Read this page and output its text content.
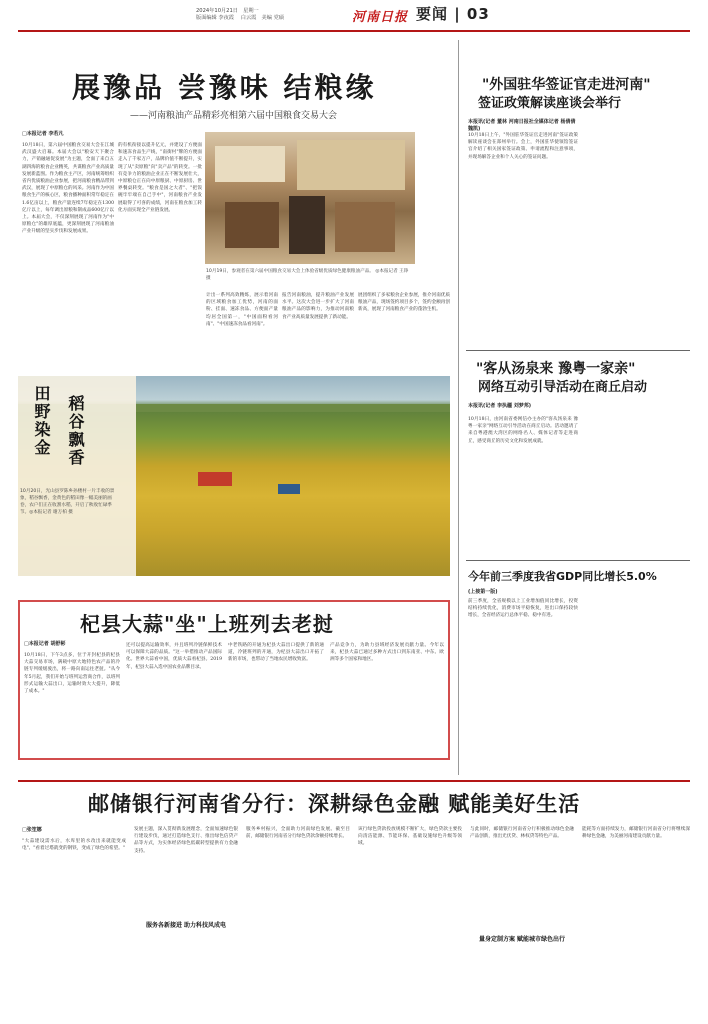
2024年10月21日　星期一
版面编辑 李夜霞 　白云霞　美编 党硕	河南日报 要闻 | 03
展豫品 尝豫味 结粮缘
——河南粮油产品精彩亮相第六届中国粮食交易大会
□本报记者 李若凡
10月18日，第六届中国粮食交易大会在江城武汉盛大启幕。本届大会以"粮安天下聚合力，产销融通促发展"为主题，全面了来自五湖四海的粮食企业精英，共谋粮食产业高质量发展新蓝图。作为粮食主产区，河南统筹组织省内优质粮油企业参展，把河南粮食精品带到武汉，展现了中原粮仓的风采。河南作为中国粮食生产的核心区，粮食播种面积常年稳定在1.6亿亩以上，粮食产量连续7年稳定在1300亿斤以上，每年调出原粮和制成品600亿斤以上。本届大会，不仅深刻展现了河南作为"中原粮仓"的雄厚底蕴，更深刻展现了河南粮油产业升级的坚实步伐和发展成果。
的有机衔接以提升亿元，并建设了方便面和速冻食品生产线，"南街村"牌的方便面走入了千家万户，品牌价值不断提升，实现了从"卖原粮"向"卖产品"的转变。一批有竞争力的粮油企业正在不断发展壮大，中原粮仓正在向中原粮厨、中原厨房、世界餐桌转变。"粮食是国之大者"、"把饭碗牢牢端在自己手中"，河南粮食产业发展取得了可喜的成绩，河南在粮食加工转化方面实现全产业链发展。
10月19日，参观者在第六届中国粮食交易大会上体验省级优质绿色健康粮油产品。 ◎本报记者 王铮 摄
计出一系列高效精炼，展示着河南的区域粮食加工优势，河南的面粉、挂面、速冻食品、方便面产量均居全国第一，"中国面粉看河南"、"中国速冻食品看河南"。
报告河南粮油，提升粮油产业发展水平。这次大会进一步扩大了河南粮油产品的影响力，为推动河南粮食产业高质量发展提供了新动能。
展团组织了多家粮食企业参展，推介河南优质粮油产品，现场签约项目多个，签约金额再创新高，展现了河南粮食产业的蓬勃生机。
田野染金 稻谷飘香
10月20日，光山县罗陈乡孙楼村一片丰收的景象，稻谷飘香，金黄色的稻田像一幅美丽的画卷，农户们正在收割水稻，开启了秋收忙碌季节。◎本报记者 谢万柏 摄
杞县大蒜"坐"上班列去老挝
□本报记者 胡舒彬
10月18日，下午3点多，位于开封杞县的杞县大蒜交易市场，满载中原大地特色农产品的冷链专列缓缓驶出，将一路向南运往老挝。"从今年5月起，我们开始与班列运营商合作，以班列形式运输大蒜出口，运输时效大大提升，降低了成本。"
还可以提高运输效率，并且班列冷链保鲜技术可以保障大蒜的品质。"这一举措推动产品国际化。世界大蒜看中国，优质大蒜看杞县。2019年，杞县大蒜入选中国农业品牌目录。
中老铁路的开通为杞县大蒜出口提供了新的通道，冷链班列的开通，为杞县大蒜出口开拓了新的市场，也带动了当地农民增收致富。
产品竞争力，为助力县域经济发展贡献力量。今年以来，杞县大蒜已通过多种方式出口到东南亚、中东、欧洲等多个国家和地区。
"外国驻华签证官走进河南"
签证政策解读座谈会举行
本报讯(记者 董林 河南日报社全媒体记者 杨倩倩 魏凯)
10月18日上午，"外国驻华签证官走进河南"签证政策解读座谈会在郑州举行。会上，外国驻华使领馆签证官介绍了相关国家签证政策、申请流程和注意事项，并现场解答企业和个人关心的签证问题。
"客从汤泉来 豫粤一家亲"
网络互动引导活动在商丘启动
本报讯(记者 李执疆 刘梦邦)
10月18日，由河南省委网信办主办的"客从汤泉来 豫粤一家亲"网络互动引导活动在商丘启动。活动邀请了来自粤港澳大湾区的网络名人、媒体记者等走进商丘，感受商丘的历史文化和发展成就。
今年前三季度我省GDP同比增长5.0%
(上接第一版)
前三季度，全省规模以上工业增加值同比增长，投资结构持续优化，消费市场平稳恢复，进出口保持较快增长，全省经济运行总体平稳、稳中有进。
邮储银行河南省分行：深耕绿色金融 赋能美好生活
□张笙娜
"大蒜建设需水后，水库里的水改出来就能变成电"、"看着过塔就变的钢铁，变成了绿色的希望。"
发展主题，深入贯彻新发展理念，全面加速绿色银行建设步伐，通过打造绿色支行、推出绿色信贷产品等方式，为实体经济绿色低碳转型提供有力金融支持。
服务各新接进 助力科技风成电
服务乡村振兴，全面助力河南绿色发展。截至目前，邮储银行河南省分行绿色贷款余额持续增长。
该行绿色贷款投放规模不断扩大，绿色贷款主要投向清洁能源、节能环保、基础设施绿色升级等领域。
与此同时，邮储银行河南省分行积极推动绿色金融产品创新，推出光伏贷、林权贷等特色产品。
量身定制方案 赋能城市绿色出行
能耗等方面持续发力，邮储银行河南省分行将继续深耕绿色金融，为美丽河南建设贡献力量。
